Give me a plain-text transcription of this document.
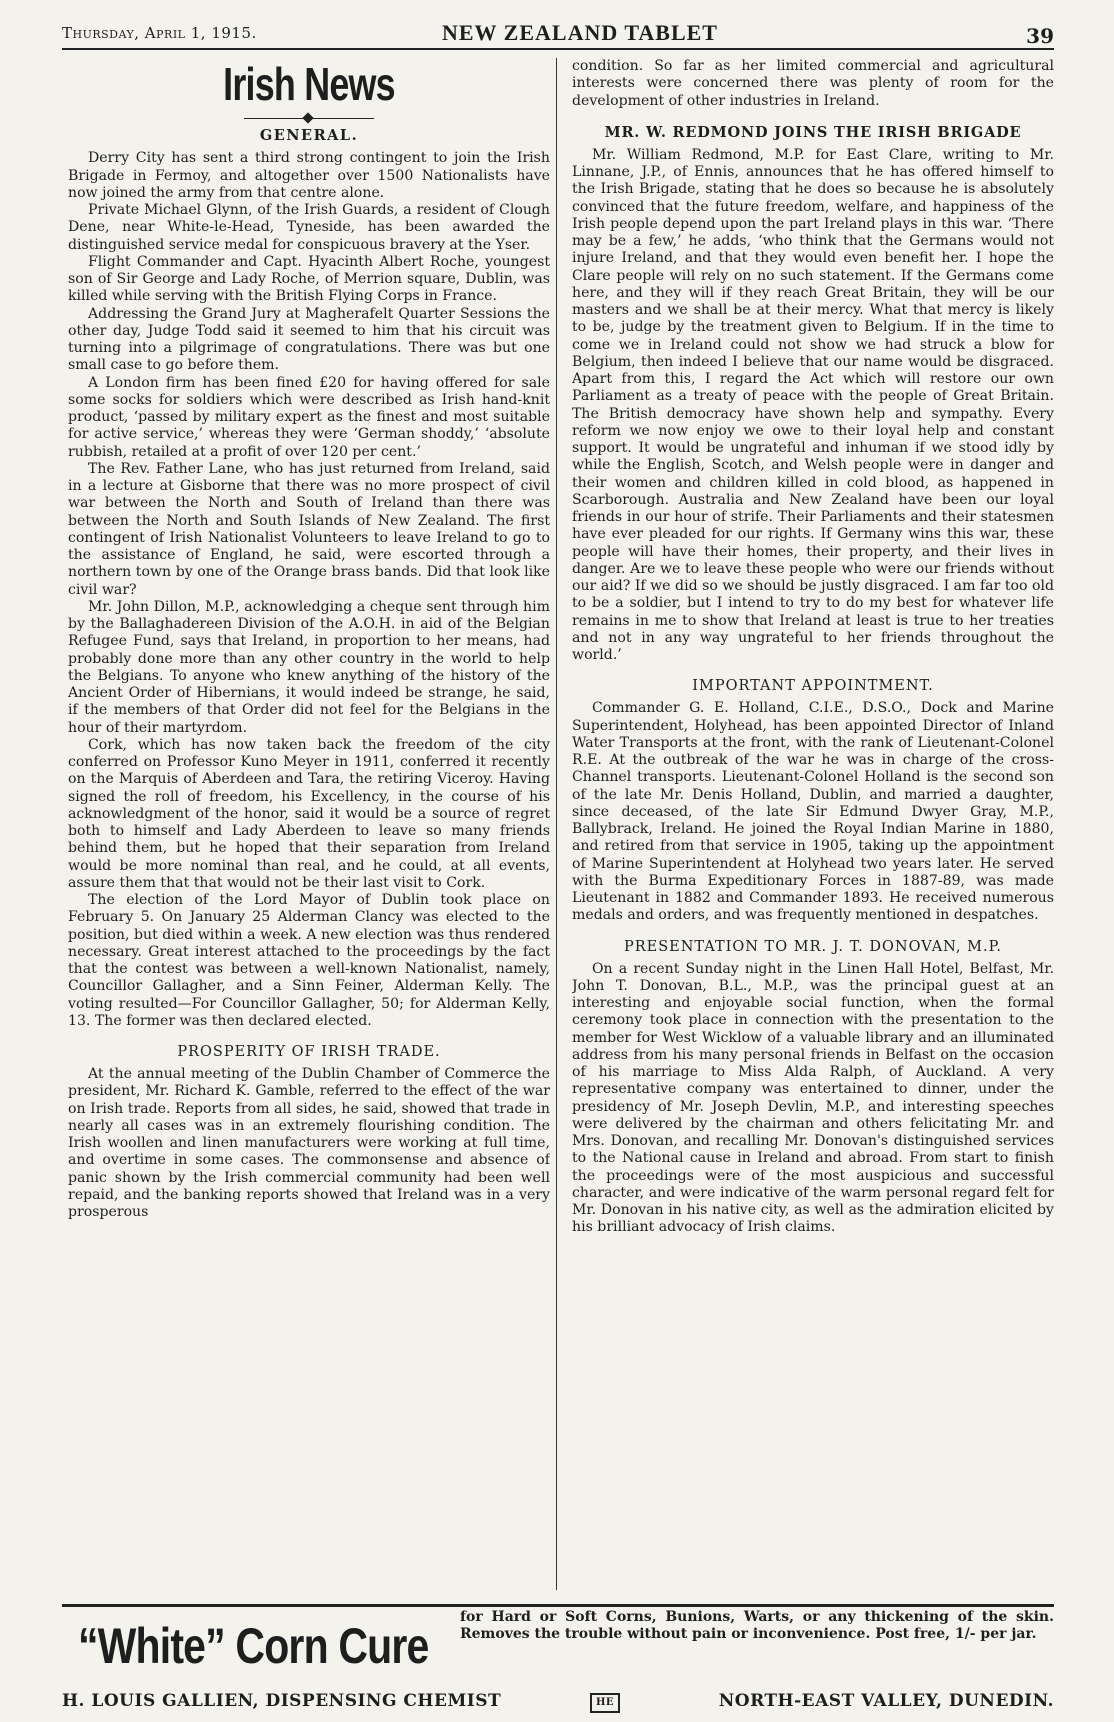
Thursday, April 1, 1915.	NEW ZEALAND TABLET	39
Irish News
GENERAL.

Derry City has sent a third strong contingent to join the Irish Brigade in Fermoy, and altogether over 1500 Nationalists have now joined the army from that centre alone.

Private Michael Glynn, of the Irish Guards, a resident of Clough Dene, near White-le-Head, Tyneside, has been awarded the distinguished service medal for conspicuous bravery at the Yser.

Flight Commander and Capt. Hyacinth Albert Roche, youngest son of Sir George and Lady Roche, of Merrion square, Dublin, was killed while serving with the British Flying Corps in France.

Addressing the Grand Jury at Magherafelt Quarter Sessions the other day, Judge Todd said it seemed to him that his circuit was turning into a pilgrimage of congratulations. There was but one small case to go before them.

A London firm has been fined £20 for having offered for sale some socks for soldiers which were described as Irish hand-knit product, ‘passed by military expert as the finest and most suitable for active service,’ whereas they were ‘German shoddy,’ ‘absolute rubbish, retailed at a profit of over 120 per cent.’

The Rev. Father Lane, who has just returned from Ireland, said in a lecture at Gisborne that there was no more prospect of civil war between the North and South of Ireland than there was between the North and South Islands of New Zealand. The first contingent of Irish Nationalist Volunteers to leave Ireland to go to the assistance of England, he said, were escorted through a northern town by one of the Orange brass bands. Did that look like civil war?

Mr. John Dillon, M.P., acknowledging a cheque sent through him by the Ballaghadereen Division of the A.O.H. in aid of the Belgian Refugee Fund, says that Ireland, in proportion to her means, had probably done more than any other country in the world to help the Belgians. To anyone who knew anything of the history of the Ancient Order of Hibernians, it would indeed be strange, he said, if the members of that Order did not feel for the Belgians in the hour of their martyrdom.

Cork, which has now taken back the freedom of the city conferred on Professor Kuno Meyer in 1911, conferred it recently on the Marquis of Aberdeen and Tara, the retiring Viceroy. Having signed the roll of freedom, his Excellency, in the course of his acknowledgment of the honor, said it would be a source of regret both to himself and Lady Aberdeen to leave so many friends behind them, but he hoped that their separation from Ireland would be more nominal than real, and he could, at all events, assure them that that would not be their last visit to Cork.

The election of the Lord Mayor of Dublin took place on February 5. On January 25 Alderman Clancy was elected to the position, but died within a week. A new election was thus rendered necessary. Great interest attached to the proceedings by the fact that the contest was between a well-known Nationalist, namely, Councillor Gallagher, and a Sinn Feiner, Alderman Kelly. The voting resulted—For Councillor Gallagher, 50; for Alderman Kelly, 13. The former was then declared elected.

PROSPERITY OF IRISH TRADE.

At the annual meeting of the Dublin Chamber of Commerce the president, Mr. Richard K. Gamble, referred to the effect of the war on Irish trade. Reports from all sides, he said, showed that trade in nearly all cases was in an extremely flourishing condition. The Irish woollen and linen manufacturers were working at full time, and overtime in some cases. The commonsense and absence of panic shown by the Irish commercial community had been well repaid, and the banking reports showed that Ireland was in a very prosperous

condition. So far as her limited commercial and agricultural interests were concerned there was plenty of room for the development of other industries in Ireland.

MR. W. REDMOND JOINS THE IRISH BRIGADE

Mr. William Redmond, M.P. for East Clare, writing to Mr. Linnane, J.P., of Ennis, announces that he has offered himself to the Irish Brigade, stating that he does so because he is absolutely convinced that the future freedom, welfare, and happiness of the Irish people depend upon the part Ireland plays in this war. ‘There may be a few,’ he adds, ‘who think that the Germans would not injure Ireland, and that they would even benefit her. I hope the Clare people will rely on no such statement. If the Germans come here, and they will if they reach Great Britain, they will be our masters and we shall be at their mercy. What that mercy is likely to be, judge by the treatment given to Belgium. If in the time to come we in Ireland could not show we had struck a blow for Belgium, then indeed I believe that our name would be disgraced. Apart from this, I regard the Act which will restore our own Parliament as a treaty of peace with the people of Great Britain. The British democracy have shown help and sympathy. Every reform we now enjoy we owe to their loyal help and constant support. It would be ungrateful and inhuman if we stood idly by while the English, Scotch, and Welsh people were in danger and their women and children killed in cold blood, as happened in Scarborough. Australia and New Zealand have been our loyal friends in our hour of strife. Their Parliaments and their statesmen have ever pleaded for our rights. If Germany wins this war, these people will have their homes, their property, and their lives in danger. Are we to leave these people who were our friends without our aid? If we did so we should be justly disgraced. I am far too old to be a soldier, but I intend to try to do my best for whatever life remains in me to show that Ireland at least is true to her treaties and not in any way ungrateful to her friends throughout the world.’

IMPORTANT APPOINTMENT.

Commander G. E. Holland, C.I.E., D.S.O., Dock and Marine Superintendent, Holyhead, has been appointed Director of Inland Water Transports at the front, with the rank of Lieutenant-Colonel R.E. At the outbreak of the war he was in charge of the cross-Channel transports. Lieutenant-Colonel Holland is the second son of the late Mr. Denis Holland, Dublin, and married a daughter, since deceased, of the late Sir Edmund Dwyer Gray, M.P., Ballybrack, Ireland. He joined the Royal Indian Marine in 1880, and retired from that service in 1905, taking up the appointment of Marine Superintendent at Holyhead two years later. He served with the Burma Expeditionary Forces in 1887-89, was made Lieutenant in 1882 and Commander 1893. He received numerous medals and orders, and was frequently mentioned in despatches.

PRESENTATION TO MR. J. T. DONOVAN, M.P.

On a recent Sunday night in the Linen Hall Hotel, Belfast, Mr. John T. Donovan, B.L., M.P., was the principal guest at an interesting and enjoyable social function, when the formal ceremony took place in connection with the presentation to the member for West Wicklow of a valuable library and an illuminated address from his many personal friends in Belfast on the occasion of his marriage to Miss Alda Ralph, of Auckland. A very representative company was entertained to dinner, under the presidency of Mr. Joseph Devlin, M.P., and interesting speeches were delivered by the chairman and others felicitating Mr. and Mrs. Donovan, and recalling Mr. Donovan's distinguished services to the National cause in Ireland and abroad. From start to finish the proceedings were of the most auspicious and successful character, and were indicative of the warm personal regard felt for Mr. Donovan in his native city, as well as the admiration elicited by his brilliant advocacy of Irish claims.

“White” Corn Cure
for Hard or Soft Corns, Bunions, Warts, or any thickening of the skin. Removes the trouble without pain or inconvenience. Post free, 1/- per jar.
H. LOUIS GALLIEN, DISPENSING CHEMIST	HE	NORTH-EAST VALLEY, DUNEDIN.
